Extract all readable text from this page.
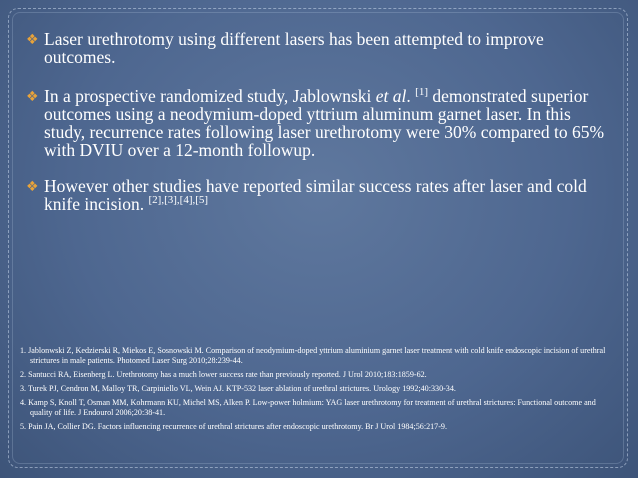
❖ Laser urethrotomy using different lasers has been attempted to improve outcomes.

❖ In a prospective randomized study, Jablownski et al. [1] demonstrated superior outcomes using a neodymium-doped yttrium aluminum garnet laser. In this study, recurrence rates following laser urethrotomy were 30% compared to 65% with DVIU over a 12-month followup.

❖ However other studies have reported similar success rates after laser and cold knife incision. [2],[3],[4],[5]

1. Jablonwski Z, Kedzierski R, Miekos E, Sosnowski M. Comparison of neodymium-doped yttrium aluminium garnet laser treatment with cold knife endoscopic incision of urethral strictures in male patients. Photomed Laser Surg 2010;28:239-44.

2. Santucci RA, Eisenberg L. Urethrotomy has a much lower success rate than previously reported. J Urol 2010;183:1859-62.

3. Turek PJ, Cendron M, Malloy TR, Carpiniello VL, Wein AJ. KTP-532 laser ablation of urethral strictures. Urology 1992;40:330-34.

4. Kamp S, Knoll T, Osman MM, Kohrmann KU, Michel MS, Alken P. Low-power holmium: YAG laser urethrotomy for treatment of urethral strictures: Functional outcome and quality of life. J Endourol 2006;20:38-41.

5. Pain JA, Collier DG. Factors influencing recurrence of urethral strictures after endoscopic urethrotomy. Br J Urol 1984;56:217-9.
